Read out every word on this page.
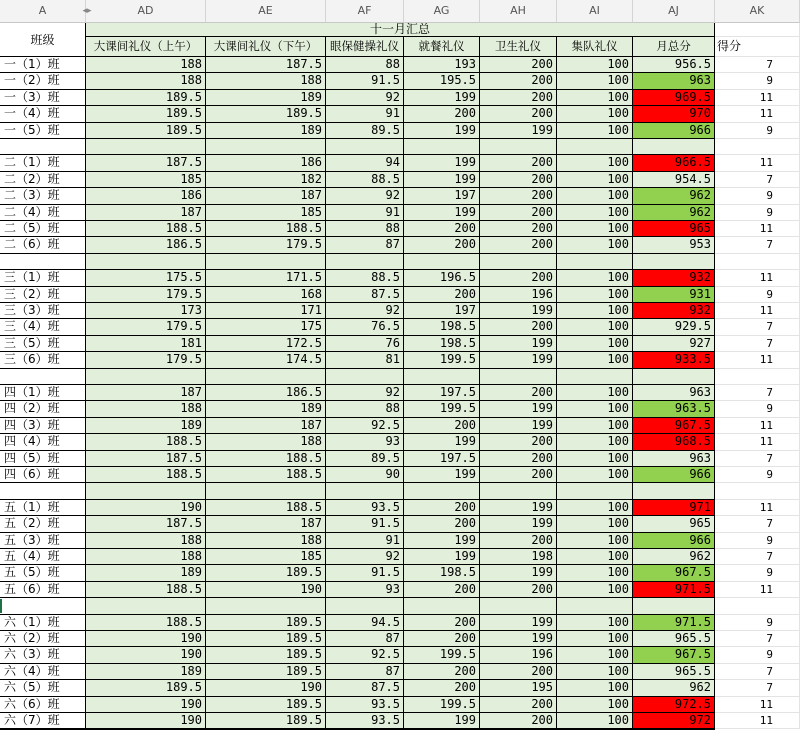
A	AD	AE	AF	AG	AH	AI	AJ	AK
◂▸
十一月汇总
班级	大课间礼仪（上午）	大课间礼仪（下午）	眼保健操礼仪	就餐礼仪	卫生礼仪	集队礼仪	月总分	得分
一（1）班	188	187.5	88	193	200	100	956.5	7
一（2）班	188	188	91.5	195.5	200	100	963	9
一（3）班	189.5	189	92	199	200	100	969.5	11
一（4）班	189.5	189.5	91	200	200	100	970	11
一（5）班	189.5	189	89.5	199	199	100	966	9
二（1）班	187.5	186	94	199	200	100	966.5	11
二（2）班	185	182	88.5	199	200	100	954.5	7
二（3）班	186	187	92	197	200	100	962	9
二（4）班	187	185	91	199	200	100	962	9
二（5）班	188.5	188.5	88	200	200	100	965	11
二（6）班	186.5	179.5	87	200	200	100	953	7
三（1）班	175.5	171.5	88.5	196.5	200	100	932	11
三（2）班	179.5	168	87.5	200	196	100	931	9
三（3）班	173	171	92	197	199	100	932	11
三（4）班	179.5	175	76.5	198.5	200	100	929.5	7
三（5）班	181	172.5	76	198.5	199	100	927	7
三（6）班	179.5	174.5	81	199.5	199	100	933.5	11
四（1）班	187	186.5	92	197.5	200	100	963	7
四（2）班	188	189	88	199.5	199	100	963.5	9
四（3）班	189	187	92.5	200	199	100	967.5	11
四（4）班	188.5	188	93	199	200	100	968.5	11
四（5）班	187.5	188.5	89.5	197.5	200	100	963	7
四（6）班	188.5	188.5	90	199	200	100	966	9
五（1）班	190	188.5	93.5	200	199	100	971	11
五（2）班	187.5	187	91.5	200	199	100	965	7
五（3）班	188	188	91	199	200	100	966	9
五（4）班	188	185	92	199	198	100	962	7
五（5）班	189	189.5	91.5	198.5	199	100	967.5	9
五（6）班	188.5	190	93	200	200	100	971.5	11
六（1）班	188.5	189.5	94.5	200	199	100	971.5	9
六（2）班	190	189.5	87	200	199	100	965.5	7
六（3）班	190	189.5	92.5	199.5	196	100	967.5	9
六（4）班	189	189.5	87	200	200	100	965.5	7
六（5）班	189.5	190	87.5	200	195	100	962	7
六（6）班	190	189.5	93.5	199.5	200	100	972.5	11
六（7）班	190	189.5	93.5	199	200	100	972	11
